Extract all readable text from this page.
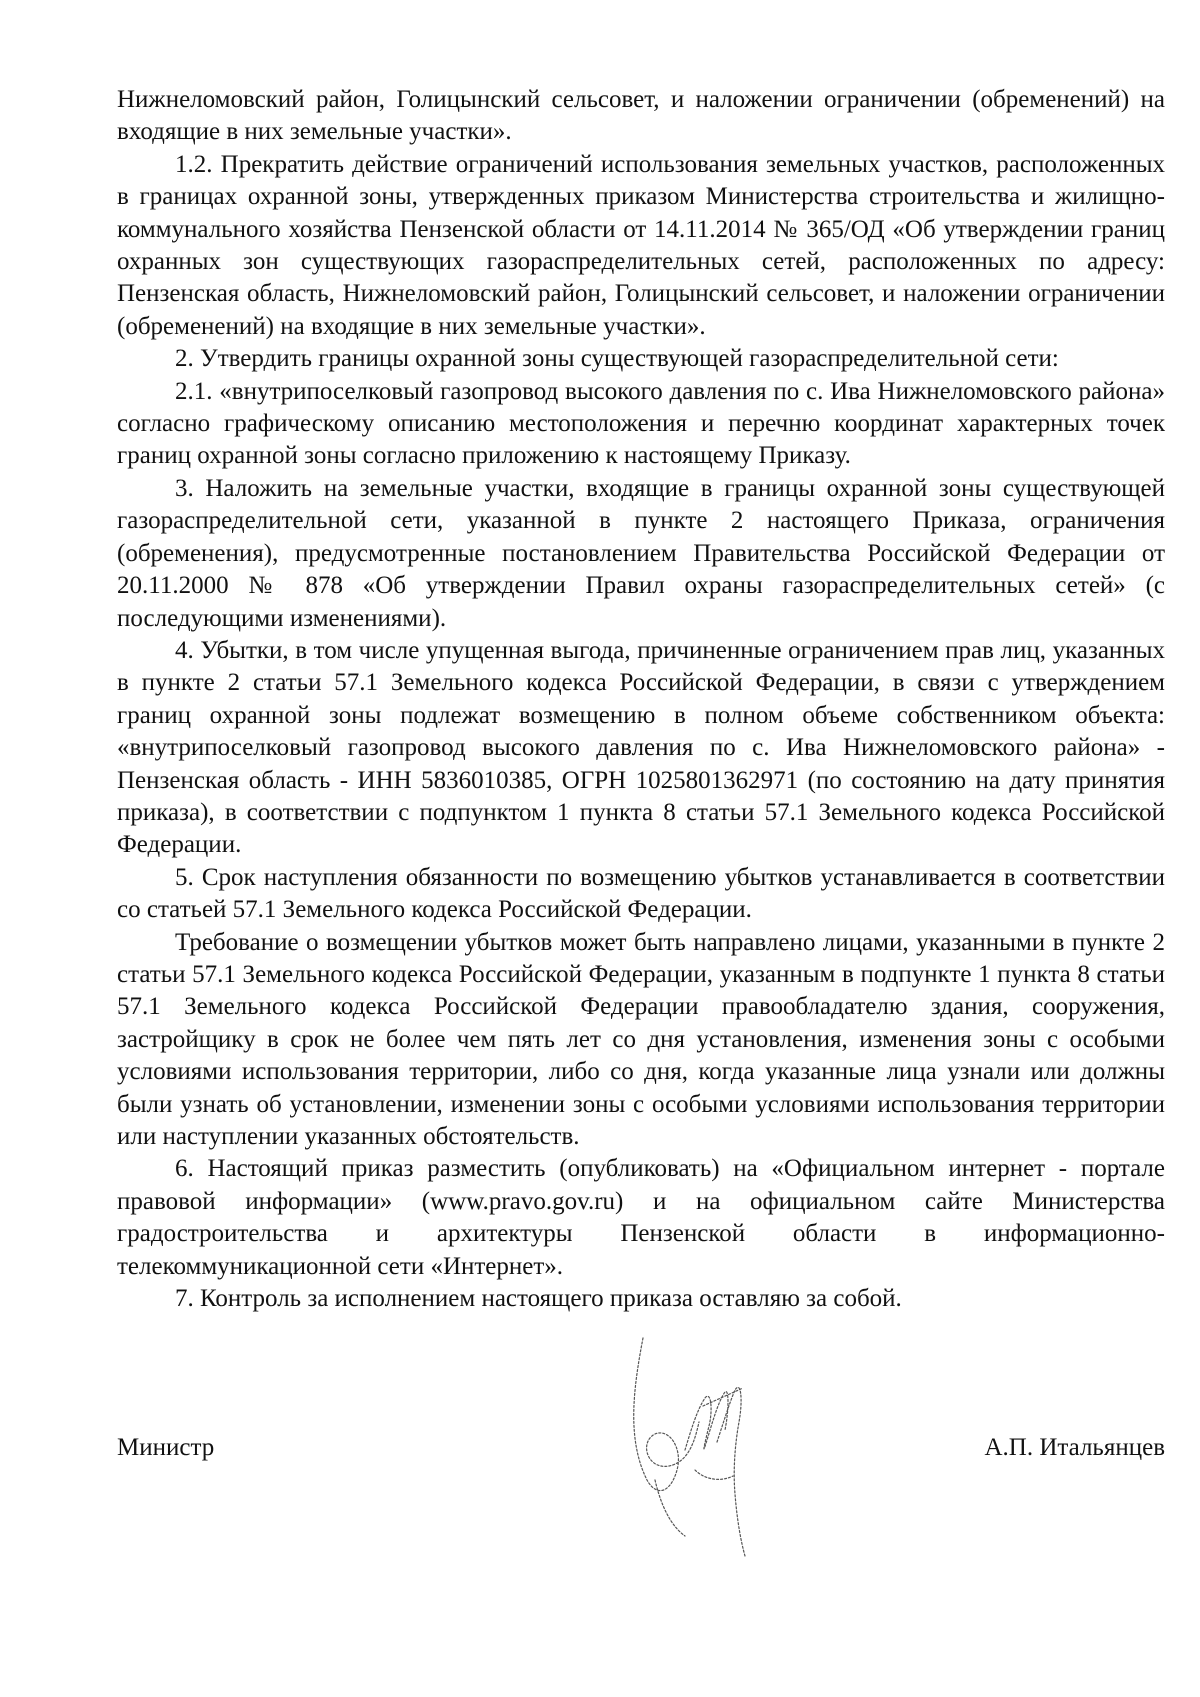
Нижнеломовский район, Голицынский сельсовет, и наложении ограничении (обременений) на входящие в них земельные участки».

1.2. Прекратить действие ограничений использования земельных участков, расположенных в границах охранной зоны, утвержденных приказом Министерства строительства и жилищно-коммунального хозяйства Пензенской области от 14.11.2014 № 365/ОД «Об утверждении границ охранных зон существующих газораспределительных сетей, расположенных по адресу: Пензенская область, Нижнеломовский район, Голицынский сельсовет, и наложении ограничении (обременений) на входящие в них земельные участки».

2. Утвердить границы охранной зоны существующей газораспределительной сети:

2.1. «внутрипоселковый газопровод высокого давления по с. Ива Нижнеломовского района» согласно графическому описанию местоположения и перечню координат характерных точек границ охранной зоны согласно приложению к настоящему Приказу.

3. Наложить на земельные участки, входящие в границы охранной зоны существующей газораспределительной сети, указанной в пункте 2 настоящего Приказа, ограничения (обременения), предусмотренные постановлением Правительства Российской Федерации от 20.11.2000 № 878 «Об утверждении Правил охраны газораспределительных сетей» (с последующими изменениями).

4. Убытки, в том числе упущенная выгода, причиненные ограничением прав лиц, указанных в пункте 2 статьи 57.1 Земельного кодекса Российской Федерации, в связи с утверждением границ охранной зоны подлежат возмещению в полном объеме собственником объекта: «внутрипоселковый газопровод высокого давления по с. Ива Нижнеломовского района» - Пензенская область - ИНН 5836010385, ОГРН 1025801362971 (по состоянию на дату принятия приказа), в соответствии с подпунктом 1 пункта 8 статьи 57.1 Земельного кодекса Российской Федерации.

5. Срок наступления обязанности по возмещению убытков устанавливается в соответствии со статьей 57.1 Земельного кодекса Российской Федерации.

Требование о возмещении убытков может быть направлено лицами, указанными в пункте 2 статьи 57.1 Земельного кодекса Российской Федерации, указанным в подпункте 1 пункта 8 статьи 57.1 Земельного кодекса Российской Федерации правообладателю здания, сооружения, застройщику в срок не более чем пять лет со дня установления, изменения зоны с особыми условиями использования территории, либо со дня, когда указанные лица узнали или должны были узнать об установлении, изменении зоны с особыми условиями использования территории или наступлении указанных обстоятельств.

6. Настоящий приказ разместить (опубликовать) на «Официальном интернет - портале правовой информации» (www.pravo.gov.ru) и на официальном сайте Министерства градостроительства и архитектуры Пензенской области в информационно-телекоммуникационной сети «Интернет».

7. Контроль за исполнением настоящего приказа оставляю за собой.

Министр	А.П. Итальянцев
